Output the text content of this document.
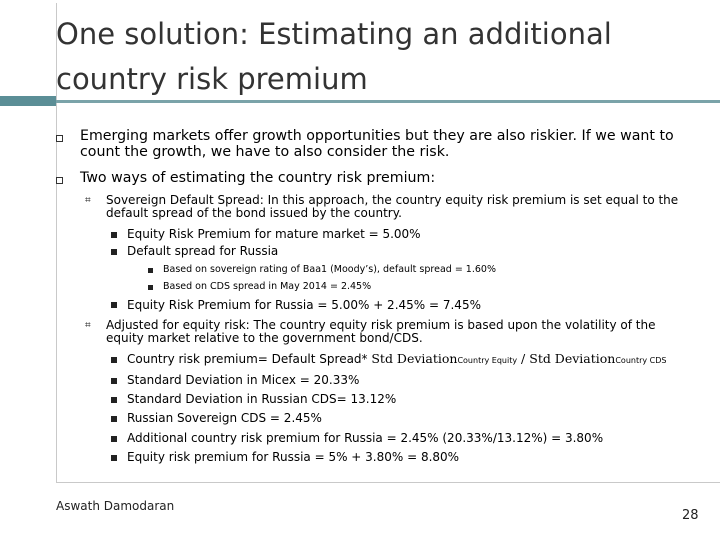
One solution: Estimating an additional country risk premium
Emerging markets offer growth opportunities but they are also riskier. If we want to count the growth, we have to also consider the risk.
Two ways of estimating the country risk premium:
⌗ Sovereign Default Spread: In this approach, the country equity risk premium is set equal to the default spread of the bond issued by the country.
Equity Risk Premium for mature market = 5.00%
Default spread for Russia
Based on sovereign rating of Baa1 (Moody’s), default spread = 1.60%
Based on CDS spread in May 2014 = 2.45%
Equity Risk Premium for Russia = 5.00% + 2.45% = 7.45%
⌗ Adjusted for equity risk: The country equity risk premium is based upon the volatility of the equity market relative to the government bond/CDS.
Country risk premium= Default Spread* Std DeviationCountry Equity / Std DeviationCountry CDS
Standard Deviation in Micex = 20.33%
Standard Deviation in Russian CDS= 13.12%
Russian Sovereign CDS = 2.45%
Additional country risk premium for Russia = 2.45% (20.33%/13.12%) = 3.80%
Equity risk premium for Russia = 5% + 3.80% = 8.80%
Aswath Damodaran
28
